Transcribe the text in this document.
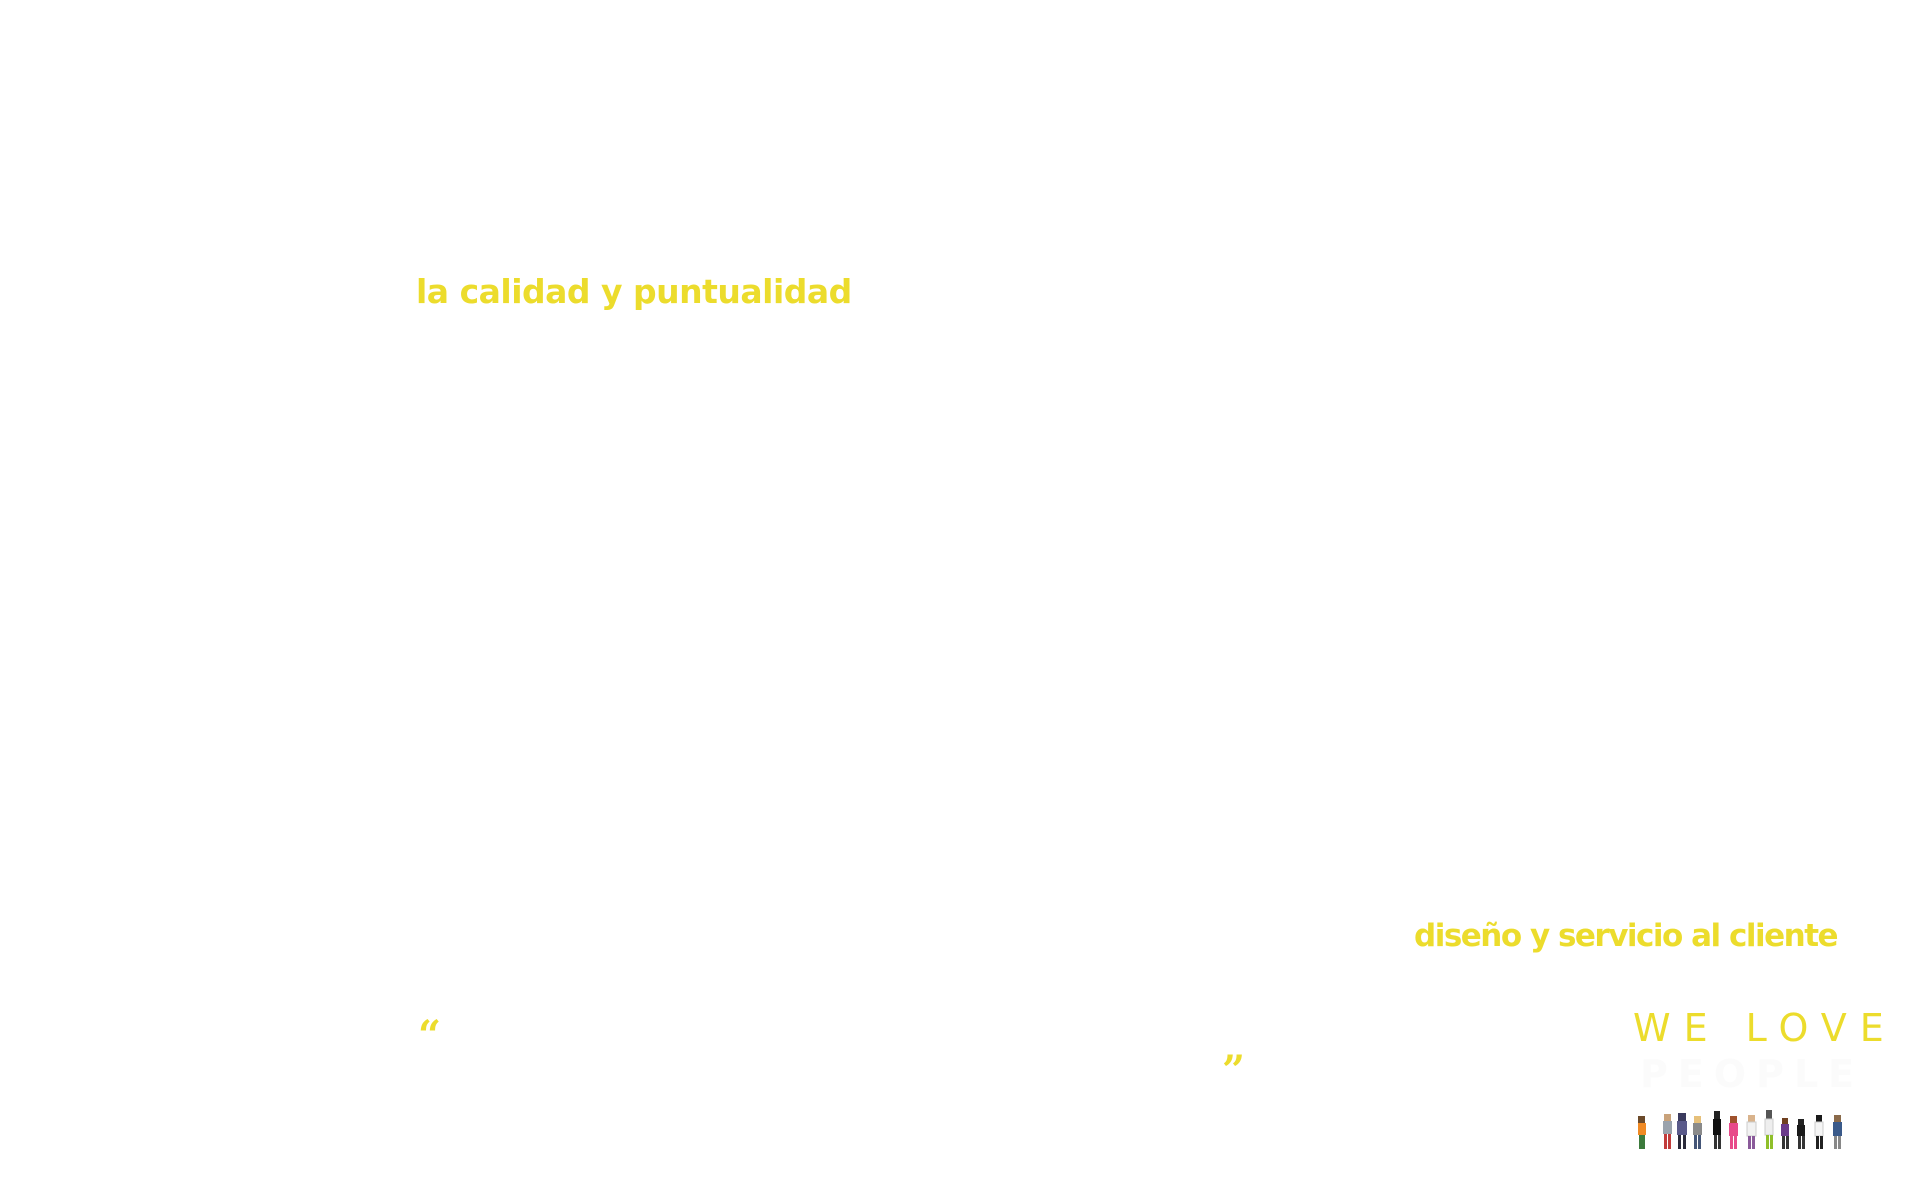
la calidad y puntualidad
diseño y servicio al cliente
“
”
WE LOVE
PEOPLE
